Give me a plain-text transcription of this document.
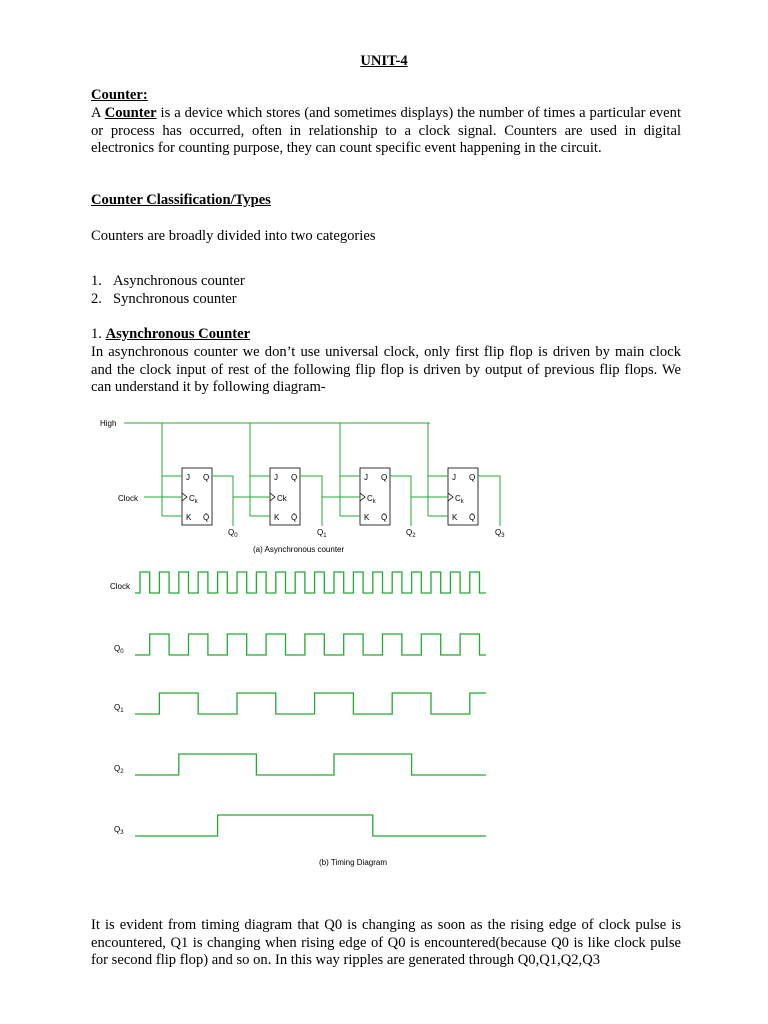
UNIT-4

Counter:

A Counter is a device which stores (and sometimes displays) the number of times a particular event or process has occurred, often in relationship to a clock signal. Counters are used in digital electronics for counting purpose, they can count specific event happening in the circuit.

Counter Classification/Types

Counters are broadly divided into two categories

1. Asynchronous counter
2. Synchronous counter

1. Asynchronous Counter

In asynchronous counter we don’t use universal clock, only first flip flop is driven by main clock and the clock input of rest of the following flip flop is driven by output of previous flip flops. We can understand it by following diagram-

High
Clock
(a) Asynchronous counter
(b) Timing Diagram
J Q
$C_k$
K Q̄
$Q_0$
J Q
Ck
K Q̄
$Q_1$
J Q
$C_k$
K Q̄
$Q_2$
J Q
$C_k$
K Q̄
$Q_3$
Clock
$Q_0$
$Q_1$
$Q_2$
$Q_3$

It is evident from timing diagram that Q0 is changing as soon as the rising edge of clock pulse is encountered, Q1 is changing when rising edge of Q0 is encountered(because Q0 is like clock pulse for second flip flop) and so on. In this way ripples are generated through Q0,Q1,Q2,Q3
